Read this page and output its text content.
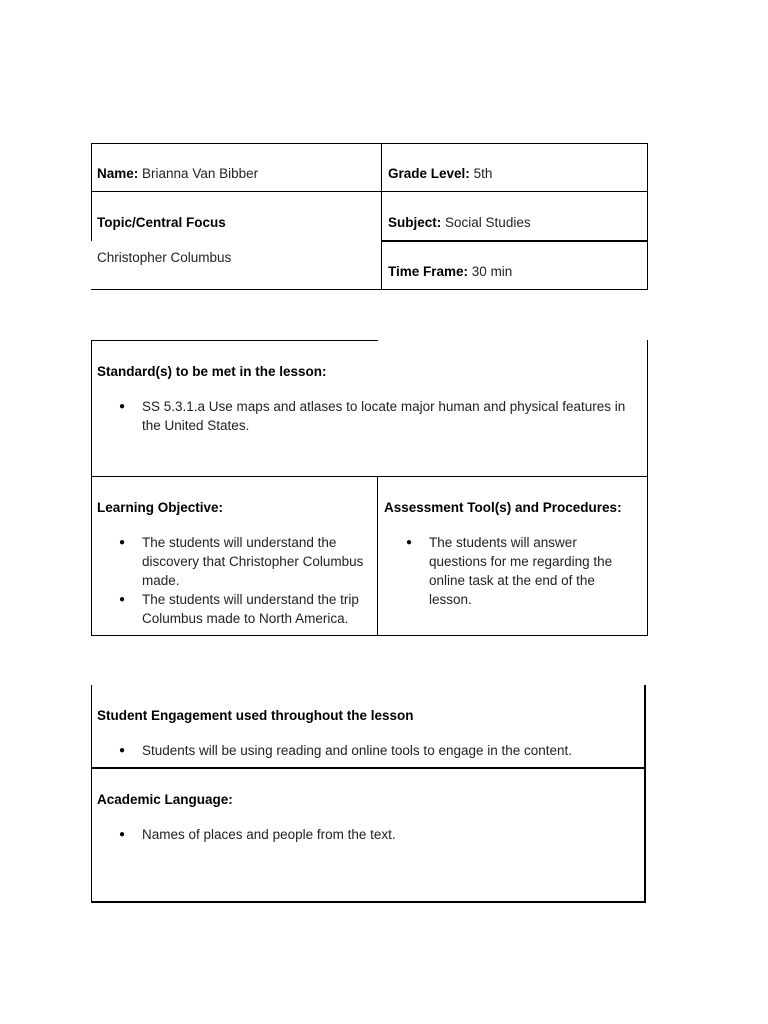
Name: Brianna Van Bibber	Grade Level: 5th
Topic/Central Focus
Christopher Columbus
Subject: Social Studies
Time Frame: 30 min
Standard(s) to be met in the lesson:
● SS 5.3.1.a Use maps and atlases to locate major human and physical features in the United States.
Learning Objective:
● The students will understand the discovery that Christopher Columbus made.
● The students will understand the trip Columbus made to North America.
Assessment Tool(s) and Procedures:
● The students will answer questions for me regarding the online task at the end of the lesson.
Student Engagement used throughout the lesson
● Students will be using reading and online tools to engage in the content.
Academic Language:
● Names of places and people from the text.
